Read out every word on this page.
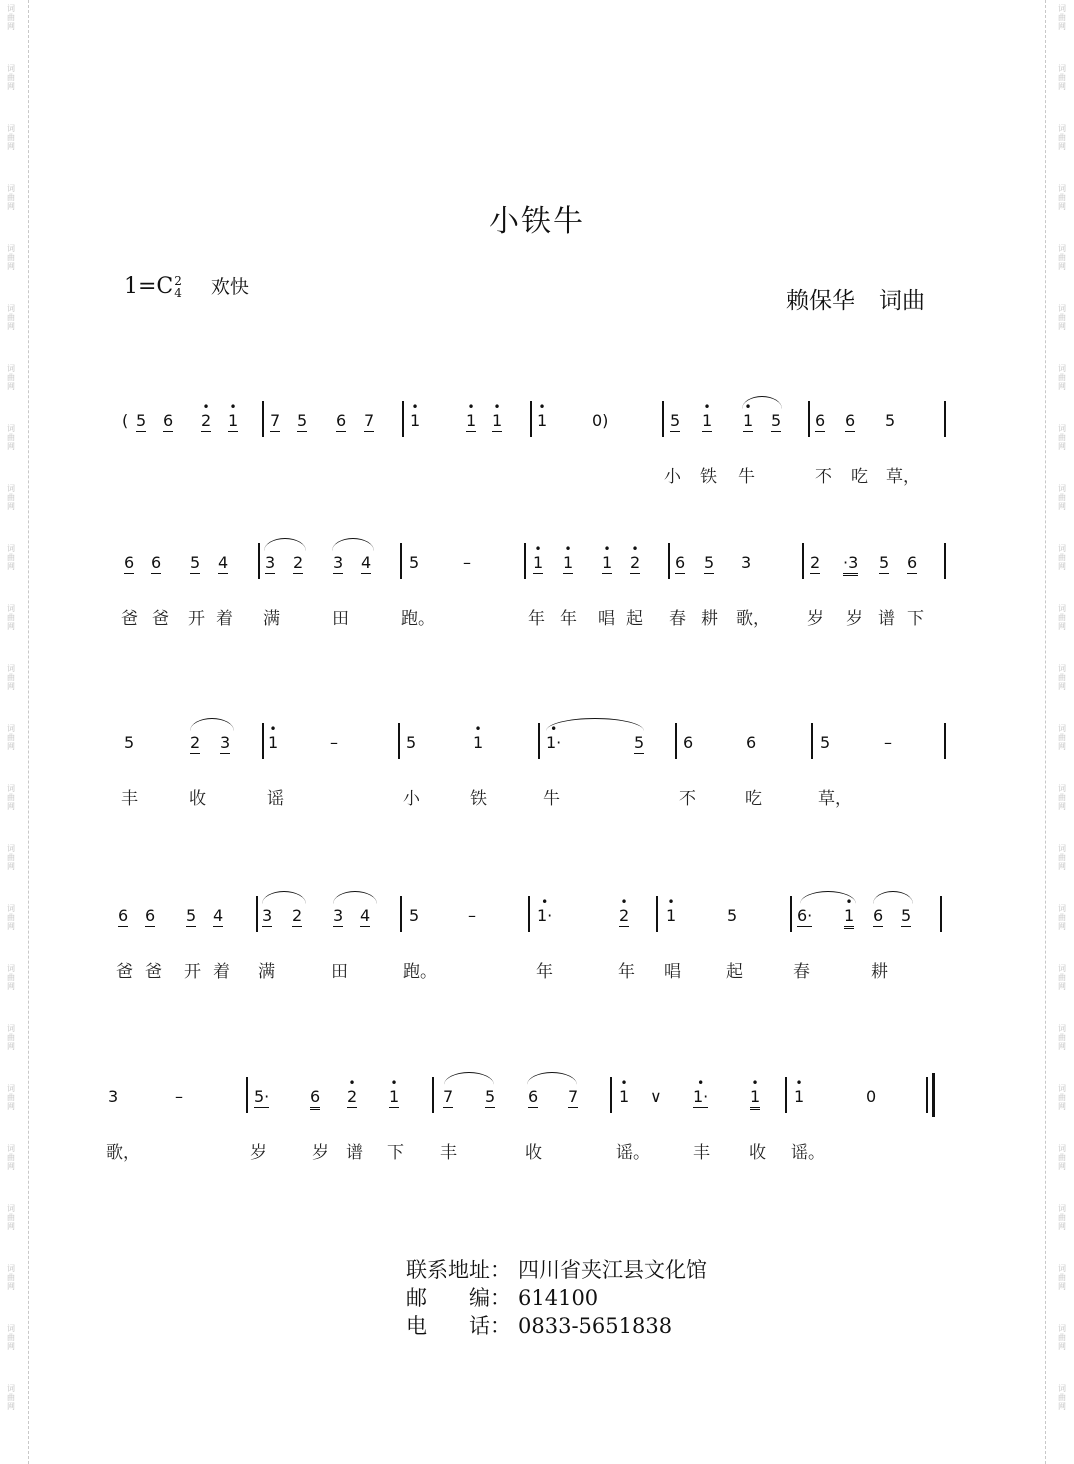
词
曲
网
词
曲
网
词
曲
网
词
曲
网
词
曲
网
词
曲
网
词
曲
网
词
曲
网
词
曲
网
词
曲
网
词
曲
网
词
曲
网
词
曲
网
词
曲
网
词
曲
网
词
曲
网
词
曲
网
词
曲
网
词
曲
网
词
曲
网
词
曲
网
词
曲
网
词
曲
网
词
曲
网
词
曲
网
词
曲
网
词
曲
网
词
曲
网
词
曲
网
词
曲
网
词
曲
网
词
曲
网
词
曲
网
词
曲
网
词
曲
网
词
曲
网
词
曲
网
词
曲
网
词
曲
网
词
曲
网
词
曲
网
词
曲
网
词
曲
网
词
曲
网
词
曲
网
词
曲
网
词
曲
网
词
曲
网
小铁牛
1=C 2
4 欢快
赖保华 词曲
( 5 6 2
•
1
•
7 5 6 7 1
•
1
•
1
•
1
•
0)	5 1
•
1
•
5 6 6 5
小 铁 牛	不 吃 草，
6 6 5 4 3 2 3 4 5	–	1
•
1
•
1
•
2
•
6 5 3	2 ·3 5 6
爸 爸 开 着 满	田	跑。	年 年 唱 起 春 耕 歌， 岁 岁 谱 下
5	2 3 1
•
–	5	1
•
1·
•
5 6	6	5	–
丰	收	谣	小	铁	牛	不	吃	草，
6 6 5 4 3 2 3 4 5	–	1·
•
2
•
1
•
5	6· 1
•
6 5
爸 爸 开 着 满	田	跑。	年	年 唱	起	春	耕
3	–	5·	6 2
•
1
•
7 5 6 7	1
•
∨ 1·
•
1
•
1
•
0
歌，	岁	岁 谱 下 丰	收	谣。	丰 收 谣。
联系地址： 四川省夹江县文化馆
邮　　编： 614100
电　　话： 0833-5651838
